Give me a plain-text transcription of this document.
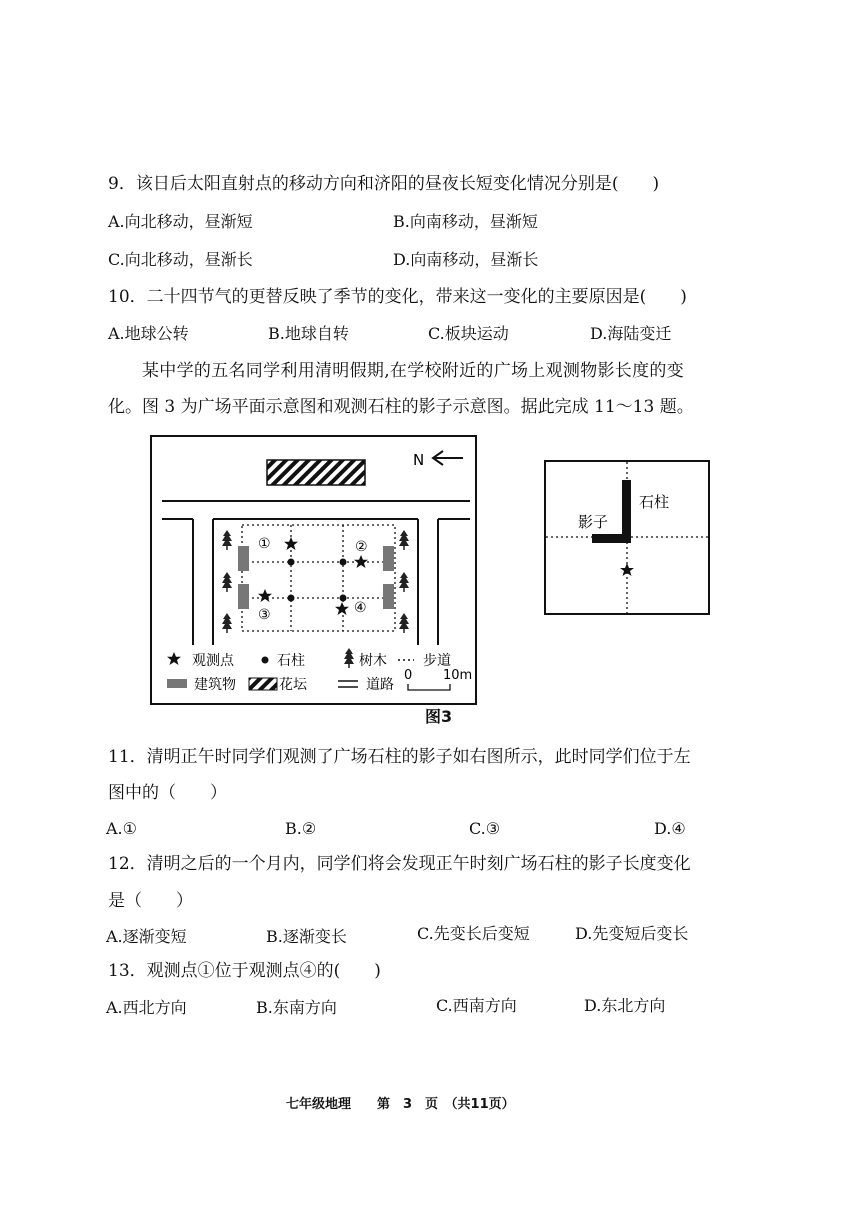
9．该日后太阳直射点的移动方向和济阳的昼夜长短变化情况分别是(　　)
A.向北移动，昼渐短	B.向南移动，昼渐短
C.向北移动，昼渐长	D.向南移动，昼渐长
10．二十四节气的更替反映了季节的变化，带来这一变化的主要原因是(　　)
A.地球公转	B.地球自转	C.板块运动	D.海陆变迁
某中学的五名同学利用清明假期,在学校附近的广场上观测物影长度的变
化。图 3 为广场平面示意图和观测石柱的影子示意图。据此完成 11～13 题。
N
①	②
③	④
观测点	石柱	树木	步道
建筑物	花坛	道路
0 10m
图3
石柱
影子
11．清明正午时同学们观测了广场石柱的影子如右图所示，此时同学们位于左
图中的（　　）
A.①	B.②	C.③	D.④
12．清明之后的一个月内，同学们将会发现正午时刻广场石柱的影子长度变化
是（　　）
A.逐渐变短	B.逐渐变长	C.先变长后变短	D.先变短后变长
13．观测点①位于观测点④的(　　)
A.西北方向	B.东南方向	C.西南方向	D.东北方向
七年级地理　　第　3　页　（共11页）
